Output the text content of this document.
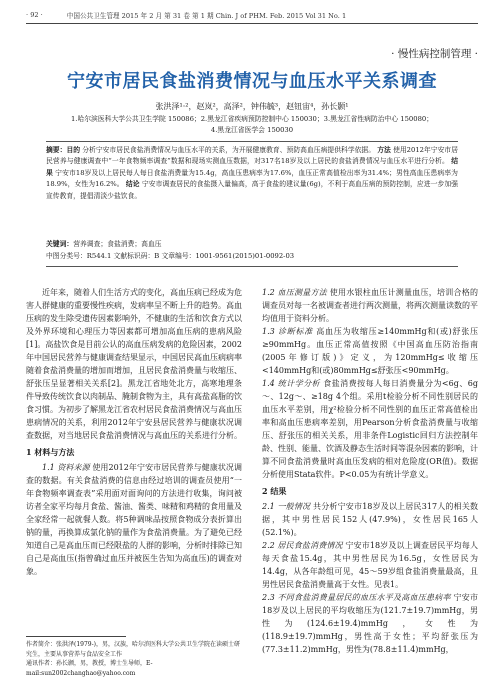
· 92 ·	中国公共卫生管理 2015 年 2 月 第 31 卷 第 1 期 Chin. J of PHM. Feb. 2015 Vol 31 No. 1
· 慢性病控制管理 ·
宁安市居民食盐消费情况与血压水平关系调查
张洪泽¹·²，赵岚²，高泽²，钟伟毓³，赵钮宙⁴，孙长颢¹
1.哈尔滨医科大学公共卫生学院 150086；2.黑龙江省疾病预防控制中心 150030；3.黑龙江省性病防治中心 150080；
4.黑龙江省医学会 150030
摘要：目的 分析宁安市居民食盐消费情况与血压水平的关系，为开展健康教育、预防高血压病提供科学依据。 方法 使用2012年宁安市居民营养与健康调查中“一年食物频率调查”数据和现场实测血压数据，对317名18岁及以上居民的食盐消费情况与血压水平进行分析。 结果 宁安市18岁及以上居民每人每日食盐消费量为15.4g，高血压患病率为17.6%，血压正常高值检出率为31.4%；男性高血压患病率为18.9%，女性为16.2%。 结论 宁安市调查居民的食盐摄入量偏高，高于食盐的建议量(6g)，不利于高血压病的预防控制，应进一步加强宣传教育，提倡清淡少盐饮食。
关键词：营养调查；食盐消费；高血压
中图分类号：R544.1 文献标识码：B 文章编号：1001-9561(2015)01-0092-03

近年来，随着人们生活方式的变化，高血压病已经成为危害人群健康的重要慢性疾病，发病率呈不断上升的趋势。高血压病的发生除受遗传因素影响外，不健康的生活和饮食方式以及外界环境和心理压力等因素都可增加高血压病的患病风险[1]。高盐饮食是目前公认的高血压病发病的危险因素，2002年中国居民营养与健康调查结果显示，中国居民高血压病病率随着食盐消费量的增加而增加，且居民食盐消费量与收缩压、舒张压呈显著相关关系[2]。黑龙江省地处北方，高寒地理条件导致传统饮食以肉制品、腌制食物为主，具有高盐高脂的饮食习惯。为初步了解黑龙江省农村居民食盐消费情况与高血压患病情况的关系，利用2012年宁安县居民营养与健康状况调查数据，对当地居民食盐消费情况与高血压的关系进行分析。

1 材料与方法

1.1 资料来源 使用2012年宁安市居民营养与健康状况调查的数据。有关食盐消费的信息由经过培训的调查员使用“一年食物频率调查表”采用面对面询问的方法进行收集，询问被访者全家平均每月食盐、酱油、酱类、味精和鸡精的食用量及全家经常一起就餐人数。将5种调味品按照食物成分表折算出钠的量，再换算成氯化钠的量作为食盐消费量。为了避免已经知道自己是高血压而已经限盐的人群的影响，分析时排除已知自己是高血压(指曾确过血压并被医生告知为高血压)的调查对象。

1.2 血压测量方法 使用水银柱血压计测量血压，培训合格的调查员对每一名被调查者进行两次测量，将两次测量读数的平均值用于资料分析。

1.3 诊断标准 高血压为收缩压≥140mmHg和(或)舒张压≥90mmHg。血压正常高值按照《中国高血压防治指南(2005年修订版)》定义，为120mmHg≤收缩压<140mmHg和(或)80mmHg≤舒张压<90mmHg。

1.4 统计学分析 食盐消费按每人每日消费量分为<6g、6g～、12g～、≥18g 4个组。采用t检验分析不同性别居民的血压水平差别，用χ²检验分析不同性别的血压正常高值检出率和高血压患病率差别，用Pearson分析食盐消费量与收缩压、舒张压的相关关系，用非条件Logistic回归方法控制年龄、性别、能量、饮酒及静态生活时间等混杂因素的影响，计算不同食盐消费量时高血压发病的相对危险度(OR值)。数据分析使用Stata软件。P<0.05为有统计学意义。

2 结果

2.1 一般情况 共分析宁安市18岁及以上居民317人的相关数据，其中男性居民152人(47.9%)，女性居民165人(52.1%)。

2.2 居民食盐消费情况 宁安市18岁及以上调查居民平均每人每天食盐15.4g，其中男性居民为16.5g，女性居民为14.4g，从各年龄组可见，45～59岁组食盐消费量最高，且男性居民食盐消费量高于女性。见表1。

2.3 不同食盐消费量居民的血压水平及高血压患病率 宁安市18岁及以上居民的平均收缩压为(121.7±19.7)mmHg，男性为(124.6±19.4)mmHg，女性为(118.9±19.7)mmHg，男性高于女性；平均舒张压为(77.3±11.2)mmHg，男性为(78.8±11.4)mmHg，

作者简介：张洪泽(1979-)，男，汉族，哈尔滨医科大学公共卫生学院在读硕士研究生，主要从事营养与食品安全工作
通讯作者：孙长颢，男，教授，博士生导师，E-mail:sun2002changhao@yahoo.com
